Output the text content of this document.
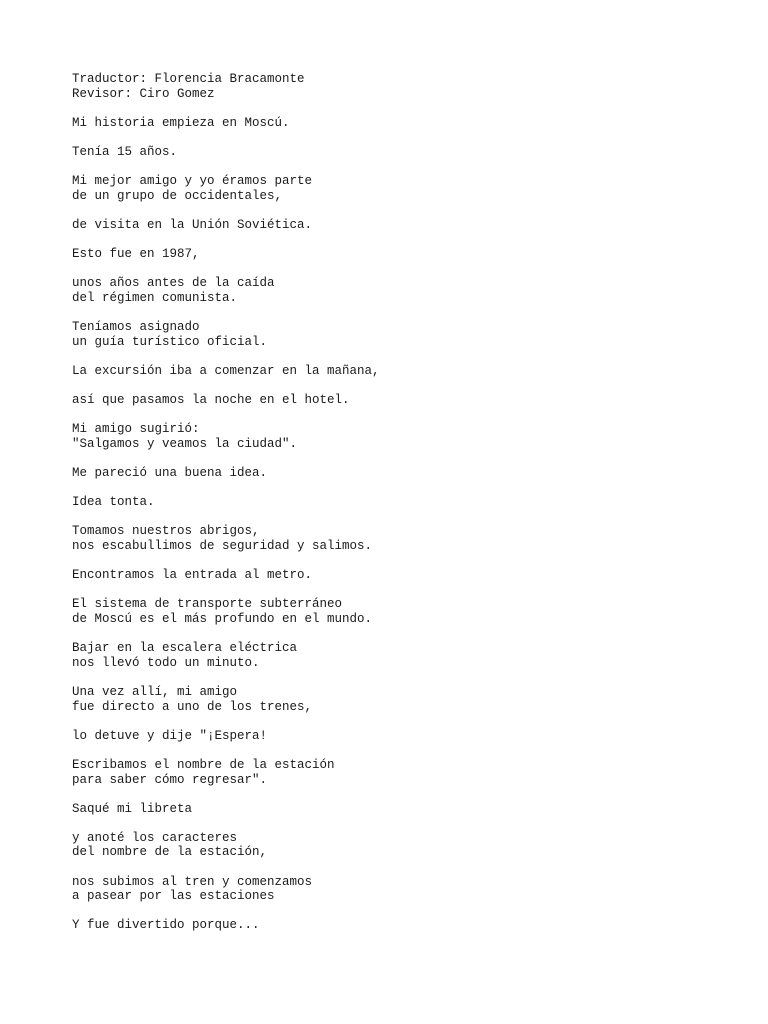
Traductor: Florencia Bracamonte
Revisor: Ciro Gomez
Mi historia empieza en Moscú.
Tenía 15 años.
Mi mejor amigo y yo éramos parte
de un grupo de occidentales,
de visita en la Unión Soviética.
Esto fue en 1987,
unos años antes de la caída
del régimen comunista.
Teníamos asignado
un guía turístico oficial.
La excursión iba a comenzar en la mañana,
así que pasamos la noche en el hotel.
Mi amigo sugirió:
"Salgamos y veamos la ciudad".
Me pareció una buena idea.
Idea tonta.
Tomamos nuestros abrigos,
nos escabullimos de seguridad y salimos.
Encontramos la entrada al metro.
El sistema de transporte subterráneo
de Moscú es el más profundo en el mundo.
Bajar en la escalera eléctrica
nos llevó todo un minuto.
Una vez allí, mi amigo
fue directo a uno de los trenes,
lo detuve y dije "¡Espera!
Escribamos el nombre de la estación
para saber cómo regresar".
Saqué mi libreta
y anoté los caracteres
del nombre de la estación,
nos subimos al tren y comenzamos
a pasear por las estaciones
Y fue divertido porque...
